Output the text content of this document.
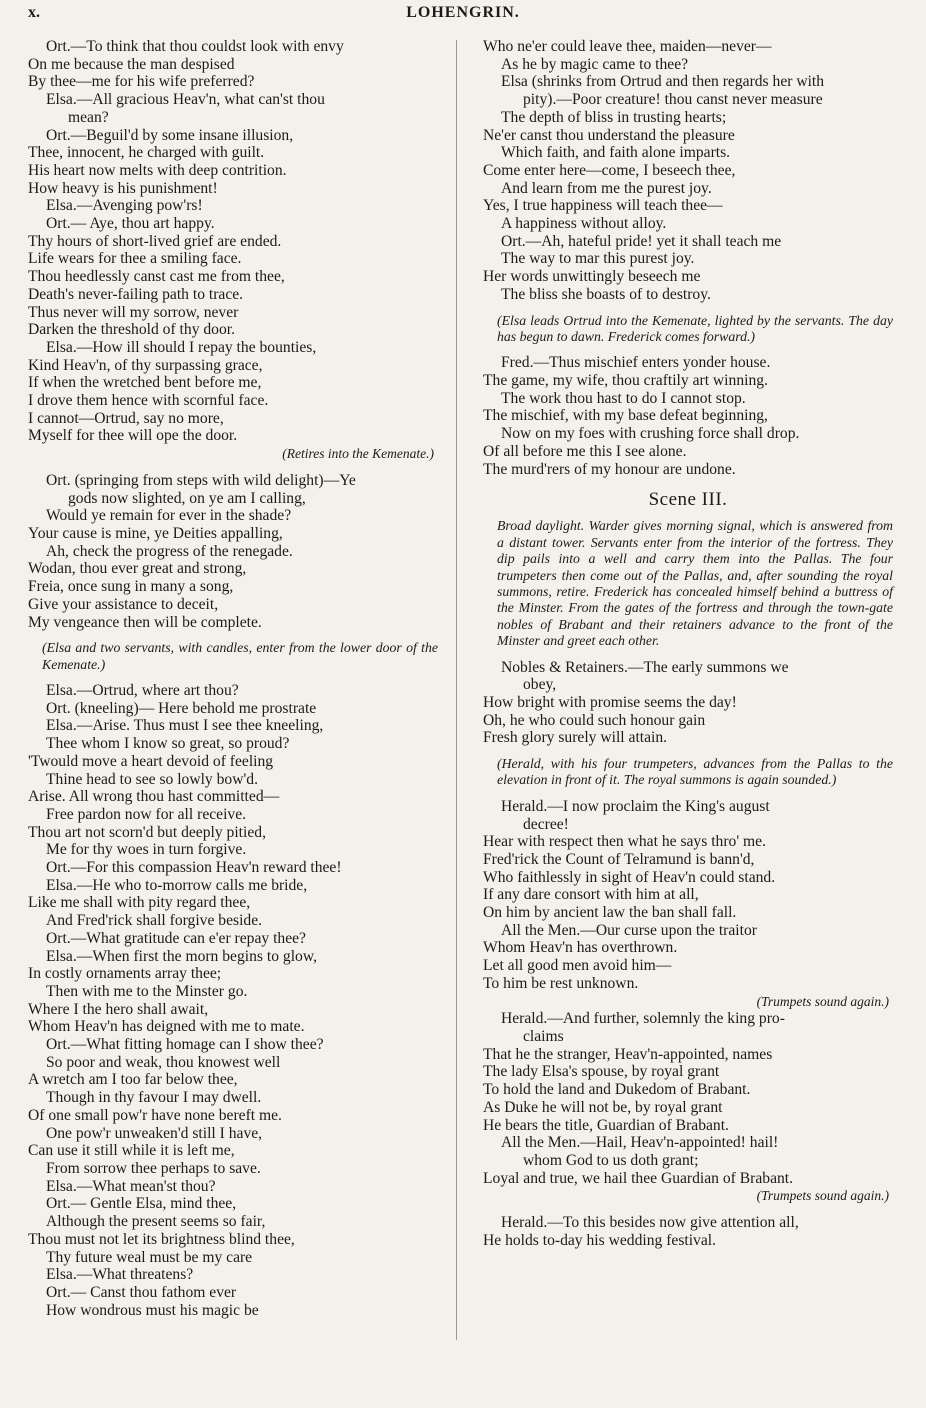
x.	LOHENGRIN.
Ort.—To think that thou couldst look with envy
On me because the man despised
By thee—me for his wife preferred?
Elsa.—All gracious Heav'n, what can'st thou
mean?
Ort.—Beguil'd by some insane illusion,
Thee, innocent, he charged with guilt.
His heart now melts with deep contrition.
How heavy is his punishment!
Elsa.—Avenging pow'rs!
Ort.— Aye, thou art happy.
Thy hours of short-lived grief are ended.
Life wears for thee a smiling face.
Thou heedlessly canst cast me from thee,
Death's never-failing path to trace.
Thus never will my sorrow, never
Darken the threshold of thy door.
Elsa.—How ill should I repay the bounties,
Kind Heav'n, of thy surpassing grace,
If when the wretched bent before me,
I drove them hence with scornful face.
I cannot—Ortrud, say no more,
Myself for thee will ope the door.
(Retires into the Kemenate.)
Ort. (springing from steps with wild delight)—Ye
gods now slighted, on ye am I calling,
Would ye remain for ever in the shade?
Your cause is mine, ye Deities appalling,
Ah, check the progress of the renegade.
Wodan, thou ever great and strong,
Freia, once sung in many a song,
Give your assistance to deceit,
My vengeance then will be complete.
(Elsa and two servants, with candles, enter from the lower door of the Kemenate.)
Elsa.—Ortrud, where art thou?
Ort. (kneeling)— Here behold me prostrate
Elsa.—Arise. Thus must I see thee kneeling,
Thee whom I know so great, so proud?
'Twould move a heart devoid of feeling
Thine head to see so lowly bow'd.
Arise. All wrong thou hast committed—
Free pardon now for all receive.
Thou art not scorn'd but deeply pitied,
Me for thy woes in turn forgive.
Ort.—For this compassion Heav'n reward thee!
Elsa.—He who to-morrow calls me bride,
Like me shall with pity regard thee,
And Fred'rick shall forgive beside.
Ort.—What gratitude can e'er repay thee?
Elsa.—When first the morn begins to glow,
In costly ornaments array thee;
Then with me to the Minster go.
Where I the hero shall await,
Whom Heav'n has deigned with me to mate.
Ort.—What fitting homage can I show thee?
So poor and weak, thou knowest well
A wretch am I too far below thee,
Though in thy favour I may dwell.
Of one small pow'r have none bereft me.
One pow'r unweaken'd still I have,
Can use it still while it is left me,
From sorrow thee perhaps to save.
Elsa.—What mean'st thou?
Ort.— Gentle Elsa, mind thee,
Although the present seems so fair,
Thou must not let its brightness blind thee,
Thy future weal must be my care
Elsa.—What threatens?
Ort.— Canst thou fathom ever
How wondrous must his magic be
Who ne'er could leave thee, maiden—never—
As he by magic came to thee?
Elsa (shrinks from Ortrud and then regards her with
pity).—Poor creature! thou canst never measure
The depth of bliss in trusting hearts;
Ne'er canst thou understand the pleasure
Which faith, and faith alone imparts.
Come enter here—come, I beseech thee,
And learn from me the purest joy.
Yes, I true happiness will teach thee—
A happiness without alloy.
Ort.—Ah, hateful pride! yet it shall teach me
The way to mar this purest joy.
Her words unwittingly beseech me
The bliss she boasts of to destroy.
(Elsa leads Ortrud into the Kemenate, lighted by the servants. The day has begun to dawn. Frederick comes forward.)
Fred.—Thus mischief enters yonder house.
The game, my wife, thou craftily art winning.
The work thou hast to do I cannot stop.
The mischief, with my base defeat beginning,
Now on my foes with crushing force shall drop.
Of all before me this I see alone.
The murd'rers of my honour are undone.
Scene III.
Broad daylight. Warder gives morning signal, which is answered from a distant tower. Servants enter from the interior of the fortress. They dip pails into a well and carry them into the Pallas. The four trumpeters then come out of the Pallas, and, after sounding the royal summons, retire. Frederick has concealed himself behind a buttress of the Minster. From the gates of the fortress and through the town-gate nobles of Brabant and their retainers advance to the front of the Minster and greet each other.
Nobles & Retainers.—The early summons we
obey,
How bright with promise seems the day!
Oh, he who could such honour gain
Fresh glory surely will attain.
(Herald, with his four trumpeters, advances from the Pallas to the elevation in front of it. The royal summons is again sounded.)
Herald.—I now proclaim the King's august
decree!
Hear with respect then what he says thro' me.
Fred'rick the Count of Telramund is bann'd,
Who faithlessly in sight of Heav'n could stand.
If any dare consort with him at all,
On him by ancient law the ban shall fall.
All the Men.—Our curse upon the traitor
Whom Heav'n has overthrown.
Let all good men avoid him—
To him be rest unknown.
(Trumpets sound again.)
Herald.—And further, solemnly the king pro-
claims
That he the stranger, Heav'n-appointed, names
The lady Elsa's spouse, by royal grant
To hold the land and Dukedom of Brabant.
As Duke he will not be, by royal grant
He bears the title, Guardian of Brabant.
All the Men.—Hail, Heav'n-appointed! hail!
whom God to us doth grant;
Loyal and true, we hail thee Guardian of Brabant.
(Trumpets sound again.)
Herald.—To this besides now give attention all,
He holds to-day his wedding festival.
